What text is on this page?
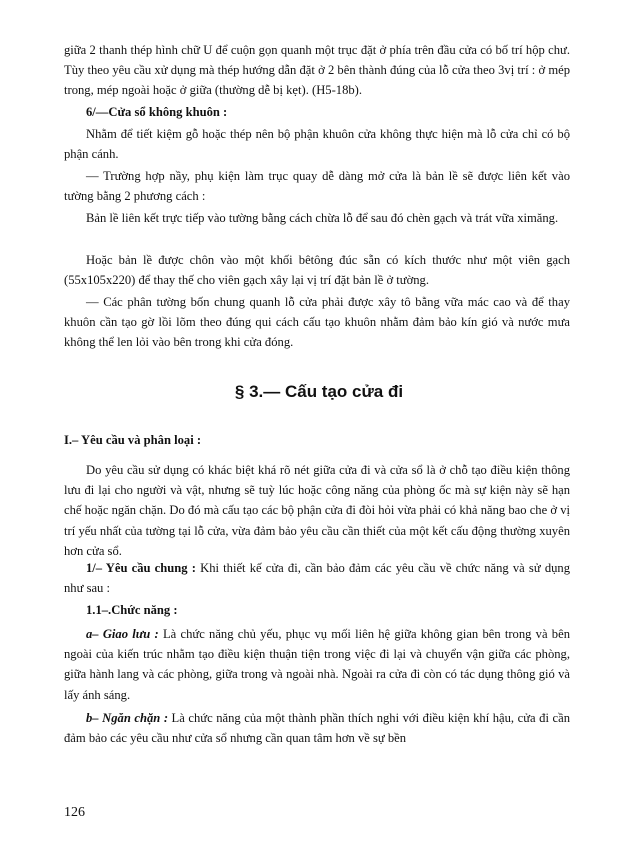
giữa 2 thanh thép hình chữ U để cuộn gọn quanh một trục đặt ở phía trên đầu cửa có bố trí hộp chư. Tùy theo yêu cầu xử dụng mà thép hướng dẫn đặt ở 2 bên thành đúng của lỗ cửa theo 3vị trí : ở mép trong, mép ngoài hoặc ở giữa (thường dễ bị kẹt). (H5-18b).

6/—Cửa sổ không khuôn :

Nhằm để tiết kiệm gỗ hoặc thép nên bộ phận khuôn cửa không thực hiện mà lỗ cửa chỉ có bộ phận cánh.

— Trường hợp nầy, phụ kiện làm trục quay dễ dàng mở cửa là bản lề sẽ được liên kết vào tường bằng 2 phương cách :

Bản lề liên kết trực tiếp vào tường bằng cách chừa lỗ để sau đó chèn gạch và trát vữa ximăng.

Hoặc bản lề được chôn vào một khối bêtông đúc sẵn có kích thước như một viên gạch (55x105x220) để thay thế cho viên gạch xây lại vị trí đặt bản lề ở tường.

— Các phân tường bốn chung quanh lỗ cửa phải được xây tô bằng vữa mác cao và để thay khuôn cần tạo gờ lồi lõm theo đúng qui cách cấu tạo khuôn nhằm đảm bảo kín gió và nước mưa không thể len lỏi vào bên trong khi cửa đóng.

§ 3.— Cấu tạo cửa đi

I.– Yêu cầu và phân loại :

Do yêu cầu sử dụng có khác biệt khá rõ nét giữa cửa đi và cửa sổ là ở chỗ tạo điều kiện thông lưu đi lại cho người và vật, nhưng sẽ tuỳ lúc hoặc công năng của phòng ốc mà sự kiện này sẽ hạn chế hoặc ngăn chặn. Do đó mà cấu tạo các bộ phận cửa đi đòi hỏi vừa phải có khả năng bao che ở vị trí yếu nhất của tường tại lỗ cửa, vừa đảm bảo yêu cầu cần thiết của một kết cấu động thường xuyên hơn cửa sổ.

1/– Yêu cầu chung : Khi thiết kế cửa đi, cần bảo đảm các yêu cầu về chức năng và sử dụng như sau :

1.1–.Chức năng :

a– Giao lưu : Là chức năng chủ yếu, phục vụ mối liên hệ giữa không gian bên trong và bên ngoài của kiến trúc nhằm tạo điều kiện thuận tiện trong việc đi lại và chuyển vận giữa các phòng, giữa hành lang và các phòng, giữa trong và ngoài nhà. Ngoài ra cửa đi còn có tác dụng thông gió và lấy ánh sáng.

b– Ngăn chặn : Là chức năng của một thành phần thích nghi với điều kiện khí hậu, cửa đi cần đảm bảo các yêu cầu như cửa sổ nhưng cần quan tâm hơn về sự bền

126
